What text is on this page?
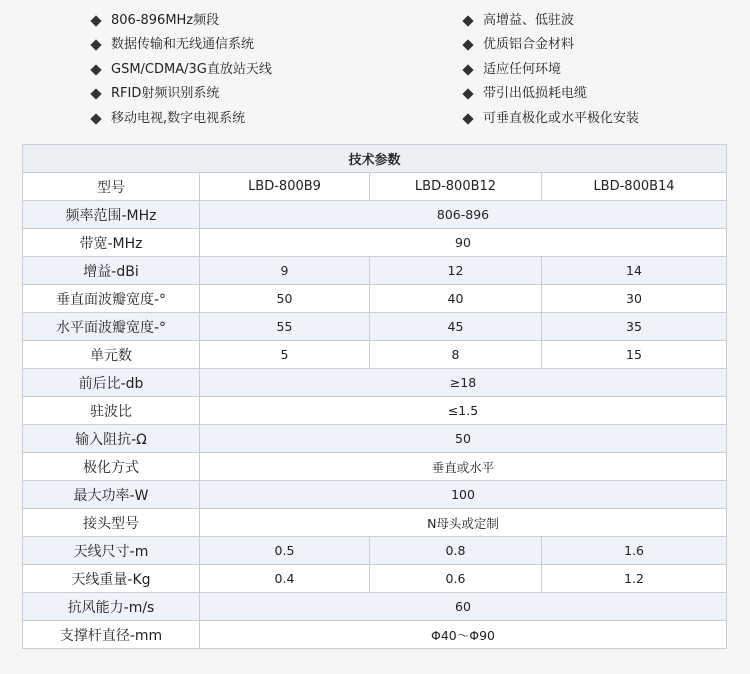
806-896MHz频段
数据传输和无线通信系统
GSM/CDMA/3G直放站天线
RFID射频识别系统
移动电视,数字电视系统
高增益、低驻波
优质铝合金材料
适应任何环境
带引出低损耗电缆
可垂直极化或水平极化安装
技术参数			
型号	LBD-800B9	LBD-800B12	LBD-800B14
频率范围-MHz	806-896		
带宽-MHz	90		
增益-dBi	9	12	14
垂直面波瓣宽度-°	50	40	30
水平面波瓣宽度-°	55	45	35
单元数	5	8	15
前后比-db	≥18		
驻波比	≤1.5		
输入阻抗-Ω	50		
极化方式	垂直或水平		
最大功率-W	100		
接头型号	N母头或定制		
天线尺寸-m	0.5	0.8	1.6
天线重量-Kg	0.4	0.6	1.2
抗风能力-m/s	60		
支撑杆直径-mm	Φ40～Φ90		
